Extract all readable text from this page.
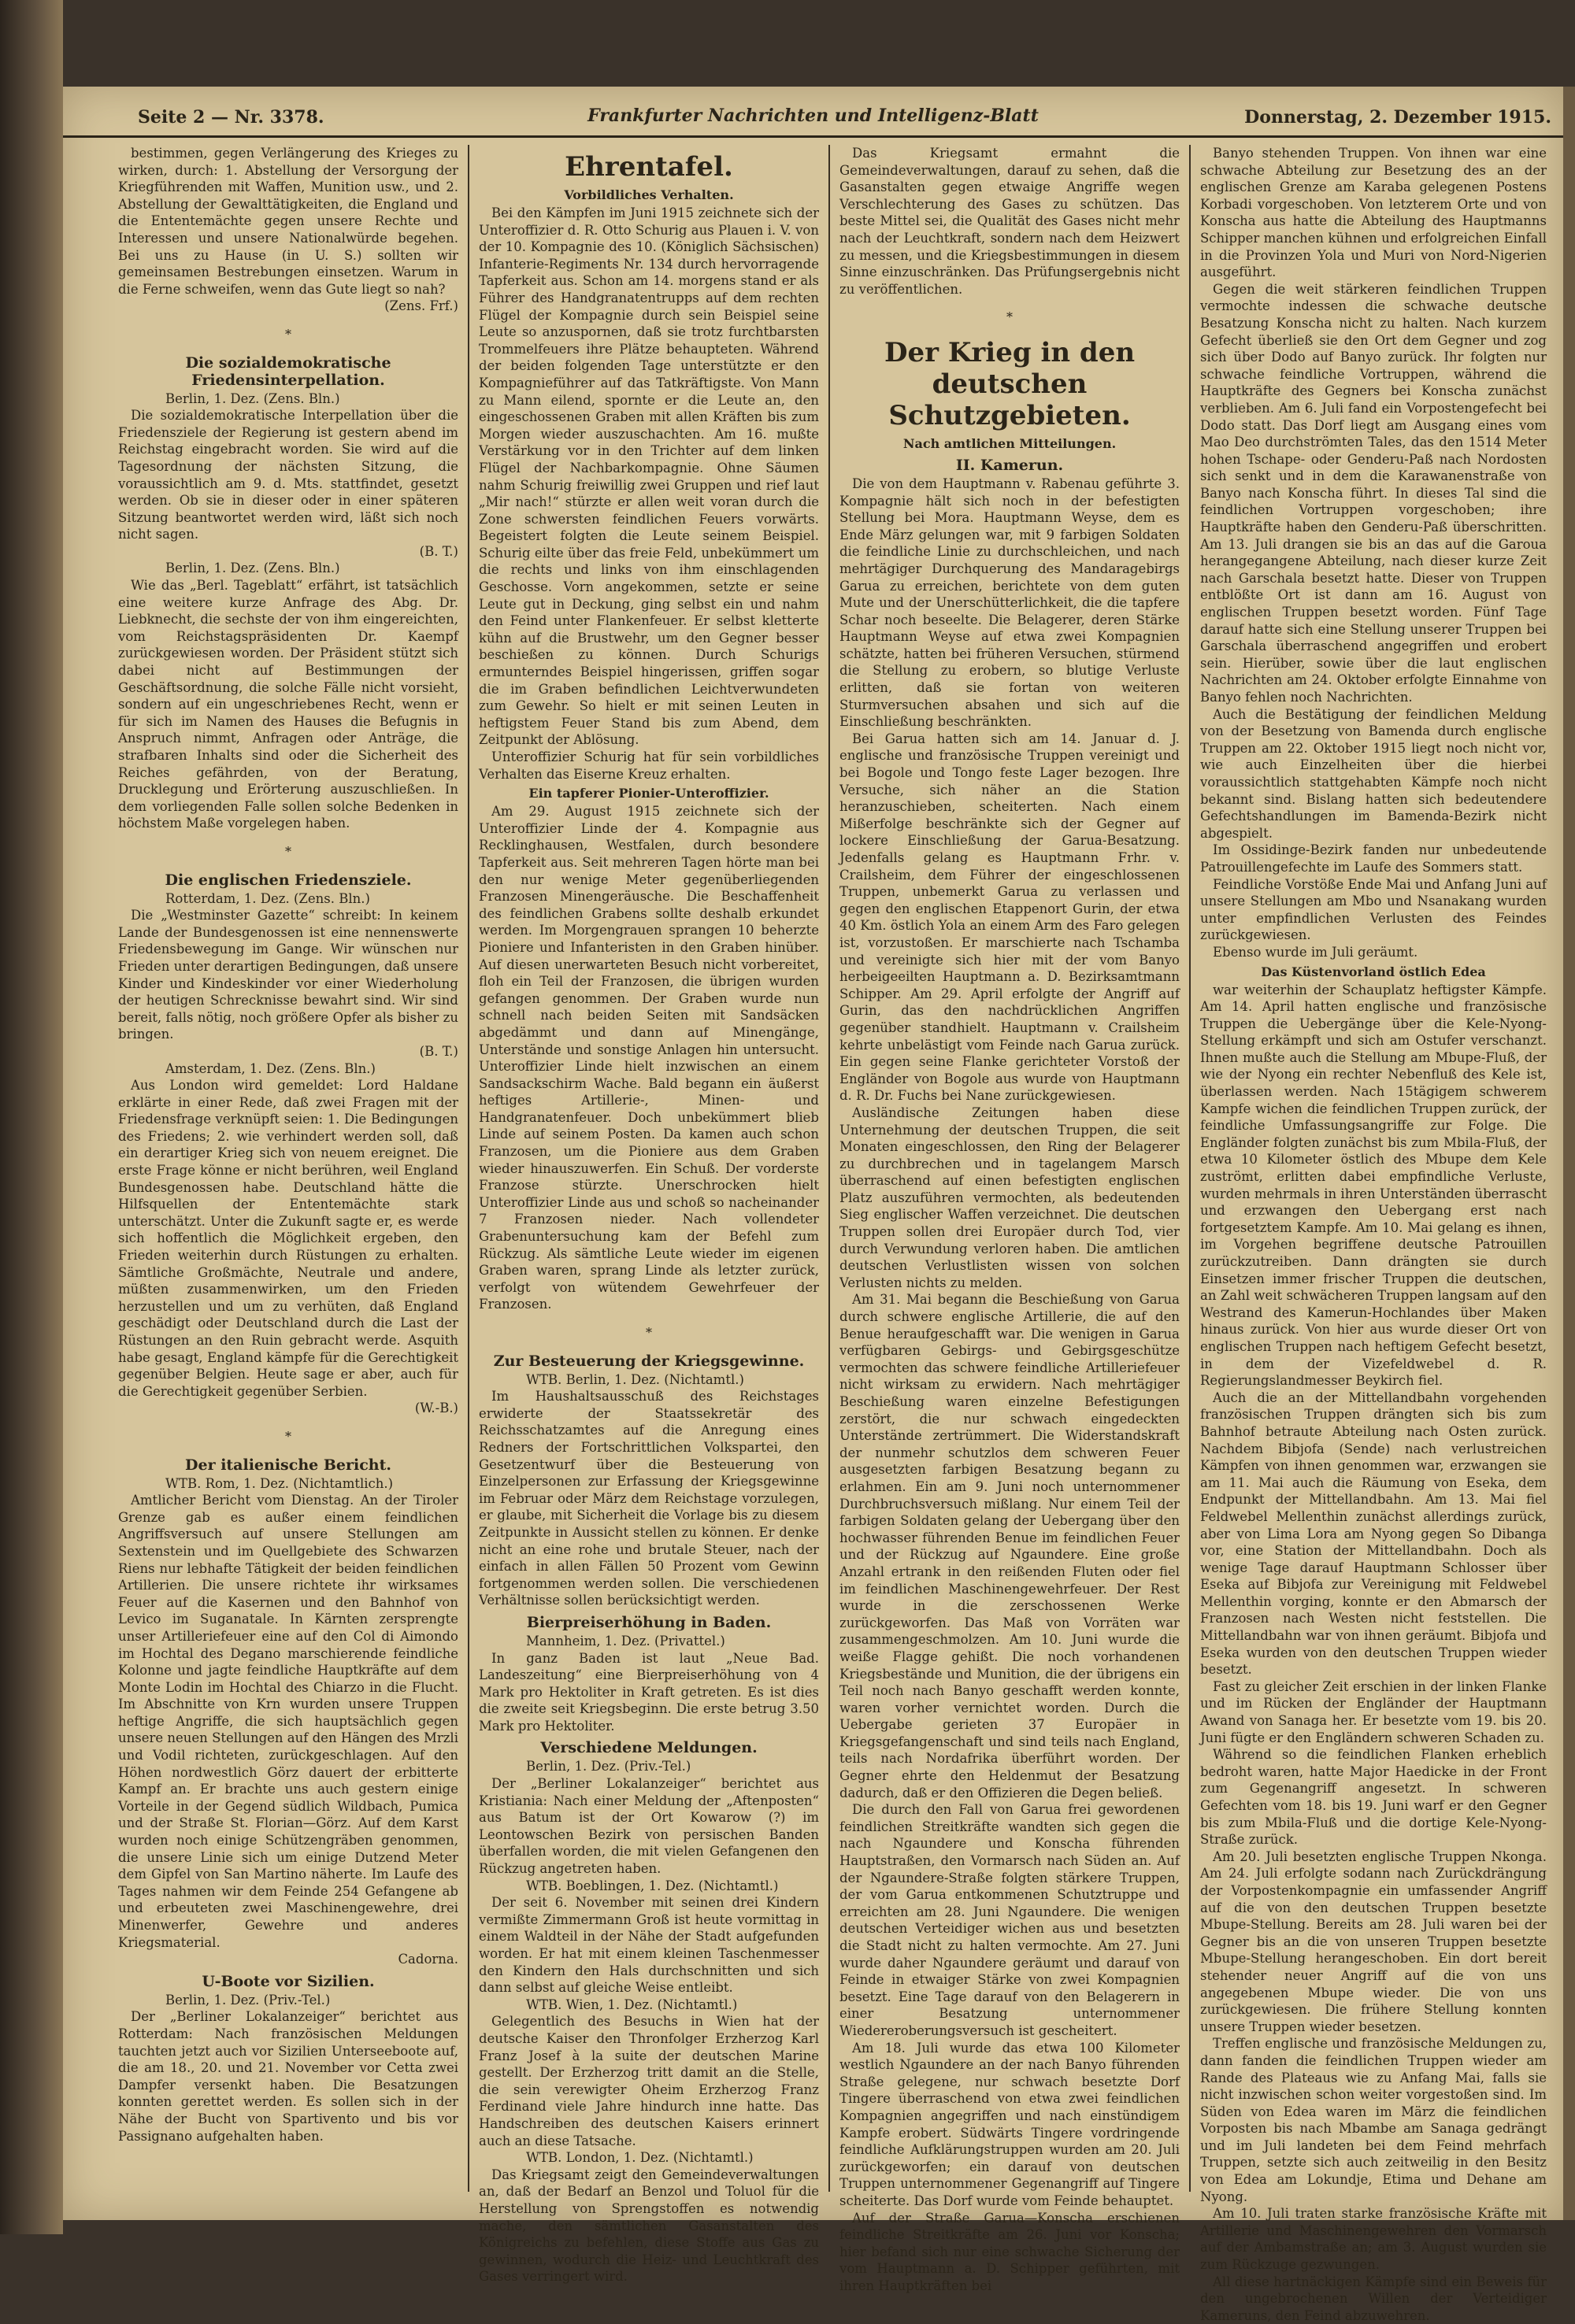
Seite 2 — Nr. 3378.	Frankfurter Nachrichten und Intelligenz-Blatt	Donnerstag, 2. Dezember 1915.

bestimmen, gegen Verlängerung des Krieges zu wirken, durch: 1. Abstellung der Versorgung der Kriegführenden mit Waffen, Munition usw., und 2. Abstellung der Gewalttätigkeiten, die England und die Ententemächte gegen unsere Rechte und Interessen und unsere Nationalwürde begehen. Bei uns zu Hause (in U. S.) sollten wir gemeinsamen Bestrebungen einsetzen. Warum in die Ferne schweifen, wenn das Gute liegt so nah?

(Zens. Frf.)

*
Die sozialdemokratische Friedensinterpellation.

Berlin, 1. Dez. (Zens. Bln.)

Die sozialdemokratische Interpellation über die Friedensziele der Regierung ist gestern abend im Reichstag eingebracht worden. Sie wird auf die Tagesordnung der nächsten Sitzung, die voraussichtlich am 9. d. Mts. stattfindet, gesetzt werden. Ob sie in dieser oder in einer späteren Sitzung beantwortet werden wird, läßt sich noch nicht sagen.

(B. T.)

Berlin, 1. Dez. (Zens. Bln.)

Wie das „Berl. Tageblatt“ erfährt, ist tatsächlich eine weitere kurze Anfrage des Abg. Dr. Liebknecht, die sechste der von ihm eingereichten, vom Reichstagspräsidenten Dr. Kaempf zurückgewiesen worden. Der Präsident stützt sich dabei nicht auf Bestimmungen der Geschäftsordnung, die solche Fälle nicht vorsieht, sondern auf ein ungeschriebenes Recht, wenn er für sich im Namen des Hauses die Befugnis in Anspruch nimmt, Anfragen oder Anträge, die strafbaren Inhalts sind oder die Sicherheit des Reiches gefährden, von der Beratung, Drucklegung und Erörterung auszuschließen. In dem vorliegenden Falle sollen solche Bedenken in höchstem Maße vorgelegen haben.

*
Die englischen Friedensziele.

Rotterdam, 1. Dez. (Zens. Bln.)

Die „Westminster Gazette“ schreibt: In keinem Lande der Bundesgenossen ist eine nennenswerte Friedensbewegung im Gange. Wir wünschen nur Frieden unter derartigen Bedingungen, daß unsere Kinder und Kindeskinder vor einer Wiederholung der heutigen Schrecknisse bewahrt sind. Wir sind bereit, falls nötig, noch größere Opfer als bisher zu bringen.

(B. T.)

Amsterdam, 1. Dez. (Zens. Bln.)

Aus London wird gemeldet: Lord Haldane erklärte in einer Rede, daß zwei Fragen mit der Friedensfrage verknüpft seien: 1. Die Bedingungen des Friedens; 2. wie verhindert werden soll, daß ein derartiger Krieg sich von neuem ereignet. Die erste Frage könne er nicht berühren, weil England Bundesgenossen habe. Deutschland hätte die Hilfsquellen der Ententemächte stark unterschätzt. Unter die Zukunft sagte er, es werde sich hoffentlich die Möglichkeit ergeben, den Frieden weiterhin durch Rüstungen zu erhalten. Sämtliche Großmächte, Neutrale und andere, müßten zusammenwirken, um den Frieden herzustellen und um zu verhüten, daß England geschädigt oder Deutschland durch die Last der Rüstungen an den Ruin gebracht werde. Asquith habe gesagt, England kämpfe für die Gerechtigkeit gegenüber Belgien. Heute sage er aber, auch für die Gerechtigkeit gegenüber Serbien.

(W.-B.)

*
Der italienische Bericht.

WTB. Rom, 1. Dez. (Nichtamtlich.)

Amtlicher Bericht vom Dienstag. An der Tiroler Grenze gab es außer einem feindlichen Angriffsversuch auf unsere Stellungen am Sextenstein und im Quellgebiete des Schwarzen Riens nur lebhafte Tätigkeit der beiden feindlichen Artillerien. Die unsere richtete ihr wirksames Feuer auf die Kasernen und den Bahnhof von Levico im Suganatale. In Kärnten zersprengte unser Artilleriefeuer eine auf den Col di Aimondo im Hochtal des Degano marschierende feindliche Kolonne und jagte feindliche Hauptkräfte auf dem Monte Lodin im Hochtal des Chiarzo in die Flucht. Im Abschnitte von Krn wurden unsere Truppen heftige Angriffe, die sich hauptsächlich gegen unsere neuen Stellungen auf den Hängen des Mrzli und Vodil richteten, zurückgeschlagen. Auf den Höhen nordwestlich Görz dauert der erbitterte Kampf an. Er brachte uns auch gestern einige Vorteile in der Gegend südlich Wildbach, Pumica und der Straße St. Florian—Görz. Auf dem Karst wurden noch einige Schützengräben genommen, die unsere Linie sich um einige Dutzend Meter dem Gipfel von San Martino näherte. Im Laufe des Tages nahmen wir dem Feinde 254 Gefangene ab und erbeuteten zwei Maschinengewehre, drei Minenwerfer, Gewehre und anderes Kriegsmaterial.

Cadorna.

U-Boote vor Sizilien.

Berlin, 1. Dez. (Priv.-Tel.)

Der „Berliner Lokalanzeiger“ berichtet aus Rotterdam: Nach französischen Meldungen tauchten jetzt auch vor Sizilien Unterseeboote auf, die am 18., 20. und 21. November vor Cetta zwei Dampfer versenkt haben. Die Besatzungen konnten gerettet werden. Es sollen sich in der Nähe der Bucht von Spartivento und bis vor Passignano aufgehalten haben.

Ehrentafel.
Vorbildliches Verhalten.

Bei den Kämpfen im Juni 1915 zeichnete sich der Unteroffizier d. R. Otto Schurig aus Plauen i. V. von der 10. Kompagnie des 10. (Königlich Sächsischen) Infanterie-Regiments Nr. 134 durch hervorragende Tapferkeit aus. Schon am 14. morgens stand er als Führer des Handgranatentrupps auf dem rechten Flügel der Kompagnie durch sein Beispiel seine Leute so anzuspornen, daß sie trotz furchtbarsten Trommelfeuers ihre Plätze behaupteten. Während der beiden folgenden Tage unterstützte er den Kompagnieführer auf das Tatkräftigste. Von Mann zu Mann eilend, spornte er die Leute an, den eingeschossenen Graben mit allen Kräften bis zum Morgen wieder auszuschachten. Am 16. mußte Verstärkung vor in den Trichter auf dem linken Flügel der Nachbarkompagnie. Ohne Säumen nahm Schurig freiwillig zwei Gruppen und rief laut „Mir nach!“ stürzte er allen weit voran durch die Zone schwersten feindlichen Feuers vorwärts. Begeistert folgten die Leute seinem Beispiel. Schurig eilte über das freie Feld, unbekümmert um die rechts und links von ihm einschlagenden Geschosse. Vorn angekommen, setzte er seine Leute gut in Deckung, ging selbst ein und nahm den Feind unter Flankenfeuer. Er selbst kletterte kühn auf die Brustwehr, um den Gegner besser beschießen zu können. Durch Schurigs ermunterndes Beispiel hingerissen, griffen sogar die im Graben befindlichen Leichtverwundeten zum Gewehr. So hielt er mit seinen Leuten in heftigstem Feuer Stand bis zum Abend, dem Zeitpunkt der Ablösung.

Unteroffizier Schurig hat für sein vorbildliches Verhalten das Eiserne Kreuz erhalten.

Ein tapferer Pionier-Unteroffizier.

Am 29. August 1915 zeichnete sich der Unteroffizier Linde der 4. Kompagnie aus Recklinghausen, Westfalen, durch besondere Tapferkeit aus. Seit mehreren Tagen hörte man bei den nur wenige Meter gegenüberliegenden Franzosen Minengeräusche. Die Beschaffenheit des feindlichen Grabens sollte deshalb erkundet werden. Im Morgengrauen sprangen 10 beherzte Pioniere und Infanteristen in den Graben hinüber. Auf diesen unerwarteten Besuch nicht vorbereitet, floh ein Teil der Franzosen, die übrigen wurden gefangen genommen. Der Graben wurde nun schnell nach beiden Seiten mit Sandsäcken abgedämmt und dann auf Minengänge, Unterstände und sonstige Anlagen hin untersucht. Unteroffizier Linde hielt inzwischen an einem Sandsackschirm Wache. Bald begann ein äußerst heftiges Artillerie-, Minen- und Handgranatenfeuer. Doch unbekümmert blieb Linde auf seinem Posten. Da kamen auch schon Franzosen, um die Pioniere aus dem Graben wieder hinauszuwerfen. Ein Schuß. Der vorderste Franzose stürzte. Unerschrocken hielt Unteroffizier Linde aus und schoß so nacheinander 7 Franzosen nieder. Nach vollendeter Grabenuntersuchung kam der Befehl zum Rückzug. Als sämtliche Leute wieder im eigenen Graben waren, sprang Linde als letzter zurück, verfolgt von wütendem Gewehrfeuer der Franzosen.

*
Zur Besteuerung der Kriegsgewinne.

WTB. Berlin, 1. Dez. (Nichtamtl.)

Im Haushaltsausschuß des Reichstages erwiderte der Staatssekretär des Reichsschatzamtes auf die Anregung eines Redners der Fortschrittlichen Volkspartei, den Gesetzentwurf über die Besteuerung von Einzelpersonen zur Erfassung der Kriegsgewinne im Februar oder März dem Reichstage vorzulegen, er glaube, mit Sicherheit die Vorlage bis zu diesem Zeitpunkte in Aussicht stellen zu können. Er denke nicht an eine rohe und brutale Steuer, nach der einfach in allen Fällen 50 Prozent vom Gewinn fortgenommen werden sollen. Die verschiedenen Verhältnisse sollen berücksichtigt werden.

Bierpreiserhöhung in Baden.

Mannheim, 1. Dez. (Privattel.)

In ganz Baden ist laut „Neue Bad. Landeszeitung“ eine Bierpreiserhöhung von 4 Mark pro Hektoliter in Kraft getreten. Es ist dies die zweite seit Kriegsbeginn. Die erste betrug 3.50 Mark pro Hektoliter.

Verschiedene Meldungen.

Berlin, 1. Dez. (Priv.-Tel.)

Der „Berliner Lokalanzeiger“ berichtet aus Kristiania: Nach einer Meldung der „Aftenposten“ aus Batum ist der Ort Kowarow (?) im Leontowschen Bezirk von persischen Banden überfallen worden, die mit vielen Gefangenen den Rückzug angetreten haben.

WTB. Boeblingen, 1. Dez. (Nichtamtl.)

Der seit 6. November mit seinen drei Kindern vermißte Zimmermann Groß ist heute vormittag in einem Waldteil in der Nähe der Stadt aufgefunden worden. Er hat mit einem kleinen Taschenmesser den Kindern den Hals durchschnitten und sich dann selbst auf gleiche Weise entleibt.

WTB. Wien, 1. Dez. (Nichtamtl.)

Gelegentlich des Besuchs in Wien hat der deutsche Kaiser den Thronfolger Erzherzog Karl Franz Josef à la suite der deutschen Marine gestellt. Der Erzherzog tritt damit an die Stelle, die sein verewigter Oheim Erzherzog Franz Ferdinand viele Jahre hindurch inne hatte. Das Handschreiben des deutschen Kaisers erinnert auch an diese Tatsache.

WTB. London, 1. Dez. (Nichtamtl.)

Das Kriegsamt zeigt den Gemeindeverwaltungen an, daß der Bedarf an Benzol und Toluol für die Herstellung von Sprengstoffen es notwendig mache, den sämtlichen Gasanstalten des Königreichs zu befehlen, diese Stoffe aus Gas zu gewinnen, wodurch die Heiz- und Leuchtkraft des Gases verringert wird.

Das Kriegsamt ermahnt die Gemeindeverwaltungen, darauf zu sehen, daß die Gasanstalten gegen etwaige Angriffe wegen Verschlechterung des Gases zu schützen. Das beste Mittel sei, die Qualität des Gases nicht mehr nach der Leuchtkraft, sondern nach dem Heizwert zu messen, und die Kriegsbestimmungen in diesem Sinne einzuschränken. Das Prüfungsergebnis nicht zu veröffentlichen.

*
Der Krieg in den deutschen Schutzgebieten.
Nach amtlichen Mitteilungen.
II. Kamerun.

Die von dem Hauptmann v. Rabenau geführte 3. Kompagnie hält sich noch in der befestigten Stellung bei Mora. Hauptmann Weyse, dem es Ende März gelungen war, mit 9 farbigen Soldaten die feindliche Linie zu durchschleichen, und nach mehrtägiger Durchquerung des Mandaragebirgs Garua zu erreichen, berichtete von dem guten Mute und der Unerschütterlichkeit, die die tapfere Schar noch beseelte. Die Belagerer, deren Stärke Hauptmann Weyse auf etwa zwei Kompagnien schätzte, hatten bei früheren Versuchen, stürmend die Stellung zu erobern, so blutige Verluste erlitten, daß sie fortan von weiteren Sturmversuchen absahen und sich auf die Einschließung beschränkten.

Bei Garua hatten sich am 14. Januar d. J. englische und französische Truppen vereinigt und bei Bogole und Tongo feste Lager bezogen. Ihre Versuche, sich näher an die Station heranzuschieben, scheiterten. Nach einem Mißerfolge beschränkte sich der Gegner auf lockere Einschließung der Garua-Besatzung. Jedenfalls gelang es Hauptmann Frhr. v. Crailsheim, dem Führer der eingeschlossenen Truppen, unbemerkt Garua zu verlassen und gegen den englischen Etappenort Gurin, der etwa 40 Km. östlich Yola an einem Arm des Faro gelegen ist, vorzustoßen. Er marschierte nach Tschamba und vereinigte sich hier mit der vom Banyo herbeigeeilten Hauptmann a. D. Bezirksamtmann Schipper. Am 29. April erfolgte der Angriff auf Gurin, das den nachdrücklichen Angriffen gegenüber standhielt. Hauptmann v. Crailsheim kehrte unbelästigt vom Feinde nach Garua zurück. Ein gegen seine Flanke gerichteter Vorstoß der Engländer von Bogole aus wurde von Hauptmann d. R. Dr. Fuchs bei Nane zurückgewiesen.

Ausländische Zeitungen haben diese Unternehmung der deutschen Truppen, die seit Monaten eingeschlossen, den Ring der Belagerer zu durchbrechen und in tagelangem Marsch überraschend auf einen befestigten englischen Platz auszuführen vermochten, als bedeutenden Sieg englischer Waffen verzeichnet. Die deutschen Truppen sollen drei Europäer durch Tod, vier durch Verwundung verloren haben. Die amtlichen deutschen Verlustlisten wissen von solchen Verlusten nichts zu melden.

Am 31. Mai begann die Beschießung von Garua durch schwere englische Artillerie, die auf den Benue heraufgeschafft war. Die wenigen in Garua verfügbaren Gebirgs- und Gebirgsgeschütze vermochten das schwere feindliche Artilleriefeuer nicht wirksam zu erwidern. Nach mehrtägiger Beschießung waren einzelne Befestigungen zerstört, die nur schwach eingedeckten Unterstände zertrümmert. Die Widerstandskraft der nunmehr schutzlos dem schweren Feuer ausgesetzten farbigen Besatzung begann zu erlahmen. Ein am 9. Juni noch unternommener Durchbruchsversuch mißlang. Nur einem Teil der farbigen Soldaten gelang der Uebergang über den hochwasser führenden Benue im feindlichen Feuer und der Rückzug auf Ngaundere. Eine große Anzahl ertrank in den reißenden Fluten oder fiel im feindlichen Maschinengewehrfeuer. Der Rest wurde in die zerschossenen Werke zurückgeworfen. Das Maß von Vorräten war zusammengeschmolzen. Am 10. Juni wurde die weiße Flagge gehißt. Die noch vorhandenen Kriegsbestände und Munition, die der übrigens ein Teil noch nach Banyo geschafft werden konnte, waren vorher vernichtet worden. Durch die Uebergabe gerieten 37 Europäer in Kriegsgefangenschaft und sind teils nach England, teils nach Nordafrika überführt worden. Der Gegner ehrte den Heldenmut der Besatzung dadurch, daß er den Offizieren die Degen beließ.

Die durch den Fall von Garua frei gewordenen feindlichen Streitkräfte wandten sich gegen die nach Ngaundere und Konscha führenden Hauptstraßen, den Vormarsch nach Süden an. Auf der Ngaundere-Straße folgten stärkere Truppen, der vom Garua entkommenen Schutztruppe und erreichten am 28. Juni Ngaundere. Die wenigen deutschen Verteidiger wichen aus und besetzten die Stadt nicht zu halten vermochte. Am 27. Juni wurde daher Ngaundere geräumt und darauf von Feinde in etwaiger Stärke von zwei Kompagnien besetzt. Eine Tage darauf von den Belagerern in einer Besatzung unternommener Wiedereroberungsversuch ist gescheitert.

Am 18. Juli wurde das etwa 100 Kilometer westlich Ngaundere an der nach Banyo führenden Straße gelegene, nur schwach besetzte Dorf Tingere überraschend von etwa zwei feindlichen Kompagnien angegriffen und nach einstündigem Kampfe erobert. Südwärts Tingere vordringende feindliche Aufklärungstruppen wurden am 20. Juli zurückgeworfen; ein darauf von deutschen Truppen unternommener Gegenangriff auf Tingere scheiterte. Das Dorf wurde vom Feinde behauptet.

Auf der Straße Garua—Konscha erschienen feindliche Streitkräfte am 26. Juni vor Konscha; hier befand sich nur eine schwache Sicherung der vom Hauptmann a. D. Schipper geführten, mit ihren Hauptkräften bei

Banyo stehenden Truppen. Von ihnen war eine schwache Abteilung zur Besetzung des an der englischen Grenze am Karaba gelegenen Postens Korbadi vorgeschoben. Von letzterem Orte und von Konscha aus hatte die Abteilung des Hauptmanns Schipper manchen kühnen und erfolgreichen Einfall in die Provinzen Yola und Muri von Nord-Nigerien ausgeführt.

Gegen die weit stärkeren feindlichen Truppen vermochte indessen die schwache deutsche Besatzung Konscha nicht zu halten. Nach kurzem Gefecht überließ sie den Ort dem Gegner und zog sich über Dodo auf Banyo zurück. Ihr folgten nur schwache feindliche Vortruppen, während die Hauptkräfte des Gegners bei Konscha zunächst verblieben. Am 6. Juli fand ein Vorpostengefecht bei Dodo statt. Das Dorf liegt am Ausgang eines vom Mao Deo durchströmten Tales, das den 1514 Meter hohen Tschape- oder Genderu-Paß nach Nordosten sich senkt und in dem die Karawanenstraße von Banyo nach Konscha führt. In dieses Tal sind die feindlichen Vortruppen vorgeschoben; ihre Hauptkräfte haben den Genderu-Paß überschritten. Am 13. Juli drangen sie bis an das auf die Garoua herangegangene Abteilung, nach dieser kurze Zeit nach Garschala besetzt hatte. Dieser von Truppen entblößte Ort ist dann am 16. August von englischen Truppen besetzt worden. Fünf Tage darauf hatte sich eine Stellung unserer Truppen bei Garschala überraschend angegriffen und erobert sein. Hierüber, sowie über die laut englischen Nachrichten am 24. Oktober erfolgte Einnahme von Banyo fehlen noch Nachrichten.

Auch die Bestätigung der feindlichen Meldung von der Besetzung von Bamenda durch englische Truppen am 22. Oktober 1915 liegt noch nicht vor, wie auch Einzelheiten über die hierbei voraussichtlich stattgehabten Kämpfe noch nicht bekannt sind. Bislang hatten sich bedeutendere Gefechtshandlungen im Bamenda-Bezirk nicht abgespielt.

Im Ossidinge-Bezirk fanden nur unbedeutende Patrouillengefechte im Laufe des Sommers statt.

Feindliche Vorstöße Ende Mai und Anfang Juni auf unsere Stellungen am Mbo und Nsanakang wurden unter empfindlichen Verlusten des Feindes zurückgewiesen.

Ebenso wurde im Juli geräumt.

Das Küstenvorland östlich Edea

war weiterhin der Schauplatz heftigster Kämpfe. Am 14. April hatten englische und französische Truppen die Uebergänge über die Kele-Nyong-Stellung erkämpft und sich am Ostufer verschanzt. Ihnen mußte auch die Stellung am Mbupe-Fluß, der wie der Nyong ein rechter Nebenfluß des Kele ist, überlassen werden. Nach 15tägigem schwerem Kampfe wichen die feindlichen Truppen zurück, der feindliche Umfassungsangriffe zur Folge. Die Engländer folgten zunächst bis zum Mbila-Fluß, der etwa 10 Kilometer östlich des Mbupe dem Kele zuströmt, erlitten dabei empfindliche Verluste, wurden mehrmals in ihren Unterständen überrascht und erzwangen den Uebergang erst nach fortgesetztem Kampfe. Am 10. Mai gelang es ihnen, im Vorgehen begriffene deutsche Patrouillen zurückzutreiben. Dann drängten sie durch Einsetzen immer frischer Truppen die deutschen, an Zahl weit schwächeren Truppen langsam auf den Westrand des Kamerun-Hochlandes über Maken hinaus zurück. Von hier aus wurde dieser Ort von englischen Truppen nach heftigem Gefecht besetzt, in dem der Vizefeldwebel d. R. Regierungslandmesser Beykirch fiel.

Auch die an der Mittellandbahn vorgehenden französischen Truppen drängten sich bis zum Bahnhof betraute Abteilung nach Osten zurück. Nachdem Bibjofa (Sende) nach verlustreichen Kämpfen von ihnen genommen war, erzwangen sie am 11. Mai auch die Räumung von Eseka, dem Endpunkt der Mittellandbahn. Am 13. Mai fiel Feldwebel Mellenthin zunächst allerdings zurück, aber von Lima Lora am Nyong gegen So Dibanga vor, eine Station der Mittellandbahn. Doch als wenige Tage darauf Hauptmann Schlosser über Eseka auf Bibjofa zur Vereinigung mit Feldwebel Mellenthin vorging, konnte er den Abmarsch der Franzosen nach Westen nicht feststellen. Die Mittellandbahn war von ihnen geräumt. Bibjofa und Eseka wurden von den deutschen Truppen wieder besetzt.

Fast zu gleicher Zeit erschien in der linken Flanke und im Rücken der Engländer der Hauptmann Awand von Sanaga her. Er besetzte vom 19. bis 20. Juni fügte er den Engländern schweren Schaden zu.

Während so die feindlichen Flanken erheblich bedroht waren, hatte Major Haedicke in der Front zum Gegenangriff angesetzt. In schweren Gefechten vom 18. bis 19. Juni warf er den Gegner bis zum Mbila-Fluß und die dortige Kele-Nyong-Straße zurück.

Am 20. Juli besetzten englische Truppen Nkonga. Am 24. Juli erfolgte sodann nach Zurückdrängung der Vorpostenkompagnie ein umfassender Angriff auf die von den deutschen Truppen besetzte Mbupe-Stellung. Bereits am 28. Juli waren bei der Gegner bis an die von unseren Truppen besetzte Mbupe-Stellung herangeschoben. Ein dort bereit stehender neuer Angriff auf die von uns angegebenen Mbupe wieder. Die von uns zurückgewiesen. Die frühere Stellung konnten unsere Truppen wieder besetzen.

Treffen englische und französische Meldungen zu, dann fanden die feindlichen Truppen wieder am Rande des Plateaus wie zu Anfang Mai, falls sie nicht inzwischen schon weiter vorgestoßen sind. Im Süden von Edea waren im März die feindlichen Vorposten bis nach Mbambe am Sanaga gedrängt und im Juli landeten bei dem Feind mehrfach Truppen, setzte sich auch zeitweilig in den Besitz von Edea am Lokundje, Etima und Dehane am Nyong.

Am 10. Juli traten starke französische Kräfte mit Artillerie und Maschinengewehren den Vormarsch auf der Ambamstraße an; am 3. August wurden sie zum Rückzuge gezwungen.

All diese hartnäckigen Kämpfe sind ein Beweis für den ungebrochenen Willen der Verteidiger Kameruns, den Feind abzuwehren.
